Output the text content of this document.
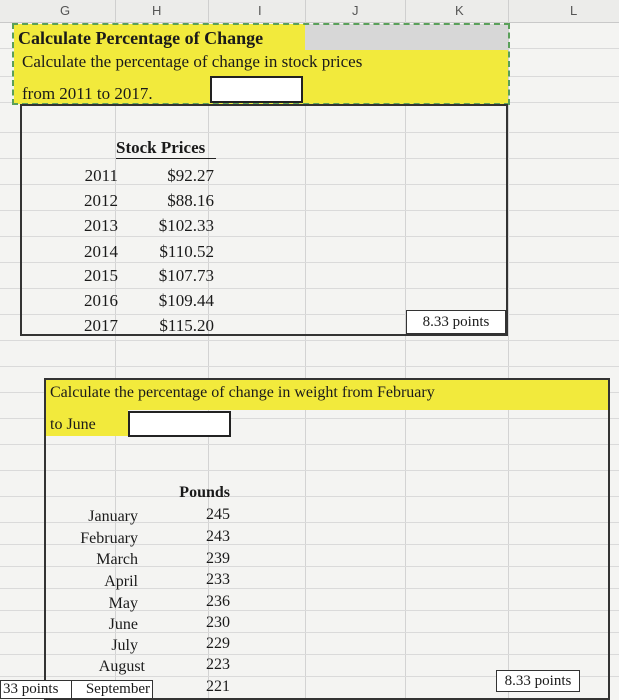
G	H	I	J	K	L
Calculate Percentage of Change
Calculate the percentage of change in stock prices
from 2011 to 2017.
Stock Prices
2011	$92.27
2012	$88.16
2013	$102.33
2014	$110.52
2015	$107.73
2016	$109.44
2017	$115.20	8.33 points
Calculate the percentage of change in weight from February
to June
Pounds
January	245
February	243
March	239
April	233
May	236
June	230
July	229
August	223
September	221
33 points	8.33 points
